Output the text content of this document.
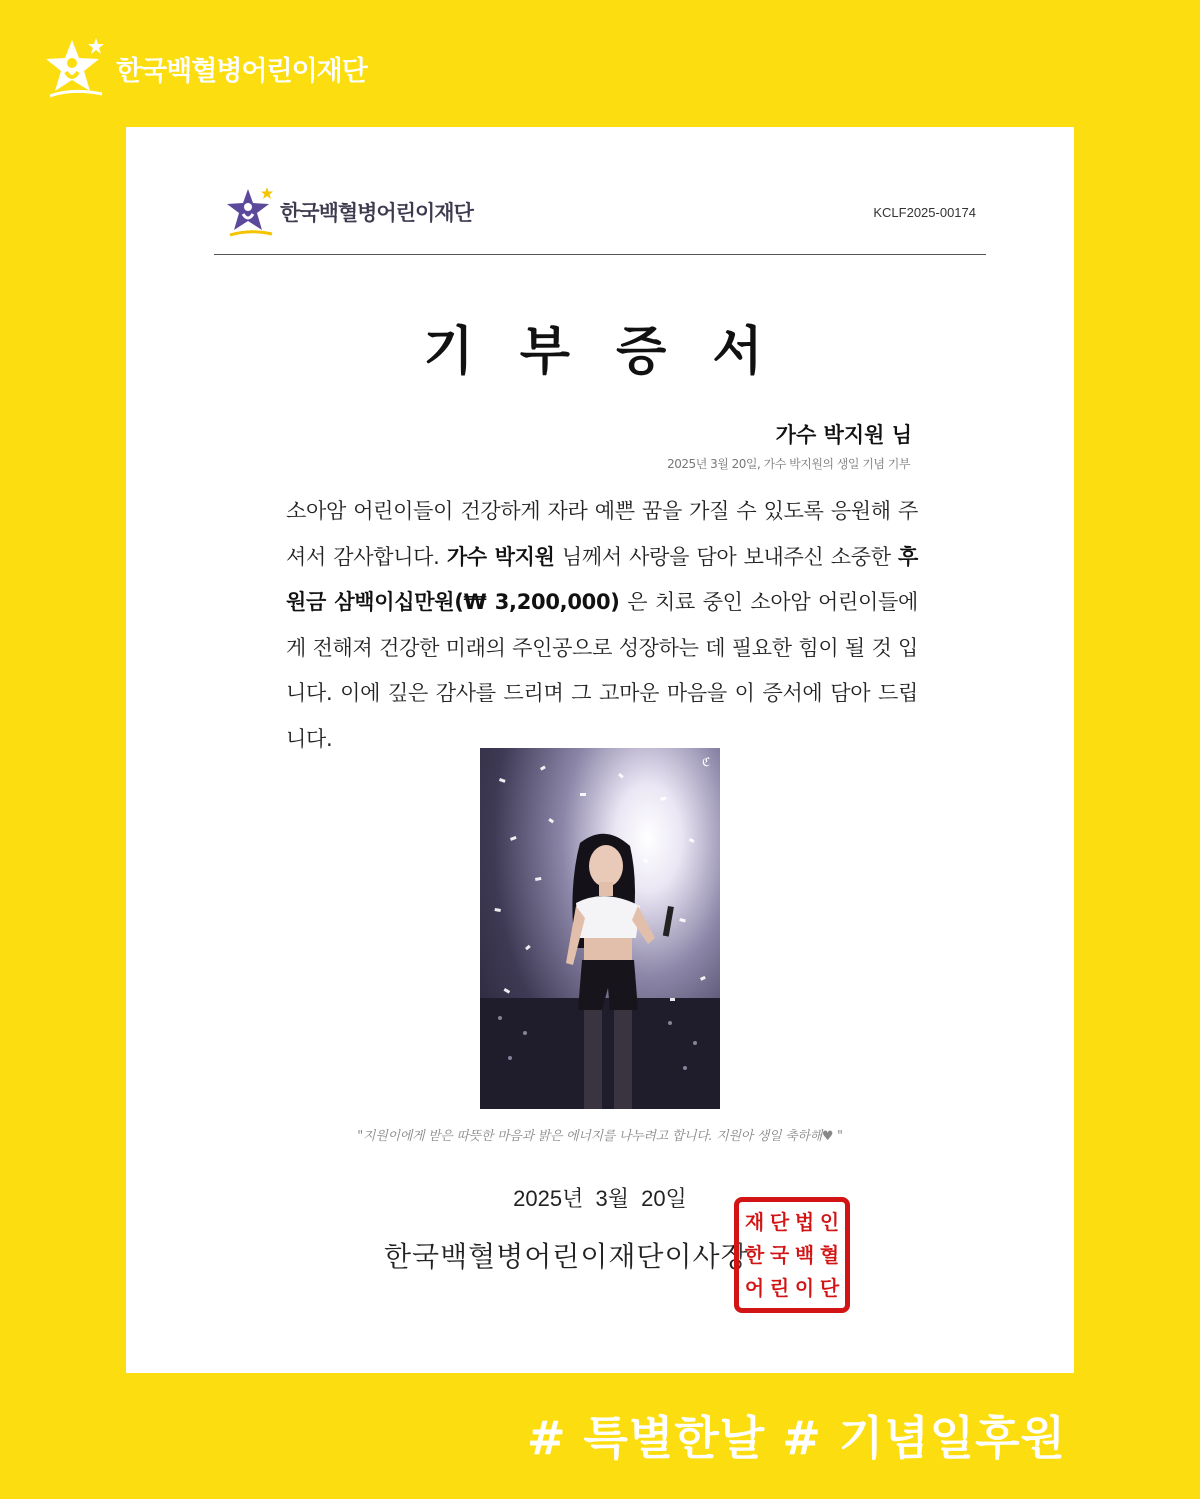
한국백혈병어린이재단
한국백혈병어린이재단	KCLF2025-00174
기 부 증 서
가수 박지원 님
2025년 3월 20일, 가수 박지원의 생일 기념 기부
소아암 어린이들이 건강하게 자라 예쁜 꿈을 가질 수 있도록 응원해 주셔서 감사합니다. 가수 박지원 님께서 사랑을 담아 보내주신 소중한 후원금 삼백이십만원(₩ 3,200,000) 은 치료 중인 소아암 어린이들에게 전해져 건강한 미래의 주인공으로 성장하는 데 필요한 힘이 될 것 입니다. 이에 깊은 감사를 드리며 그 고마운 마음을 이 증서에 담아 드립니다.
ℭ
"지원이에게 받은 따뜻한 마음과 밝은 에너지를 나누려고 합니다. 지원아 생일 축하해♥ "
2025년 3월 20일
한국백혈병어린이재단이사장
재 단 법 인
한 국 백 혈
어 린 이 단
# 특별한날 # 기념일후원
